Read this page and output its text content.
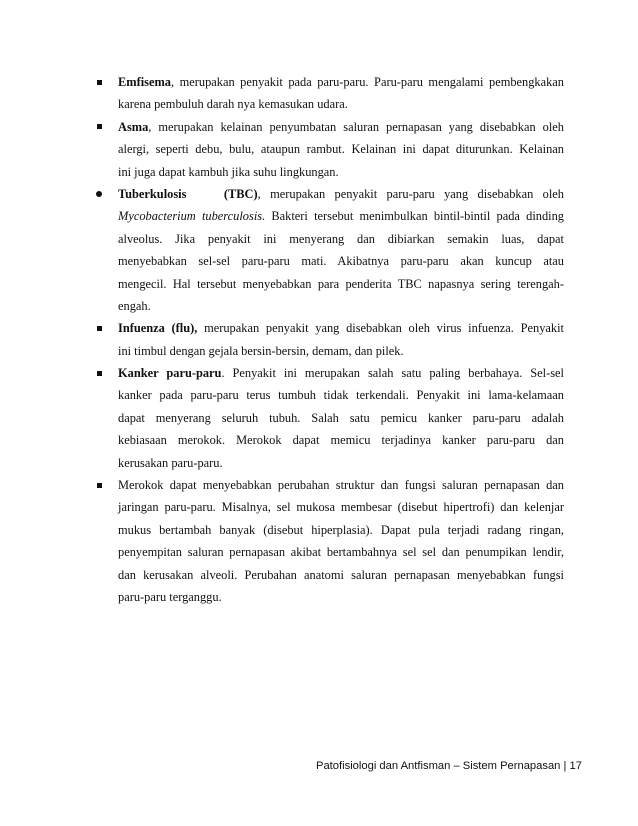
Emfisema, merupakan penyakit pada paru-paru. Paru-paru mengalami pembengkakan
karena pembuluh darah nya kemasukan udara.
Asma, merupakan kelainan penyumbatan saluran pernapasan yang disebabkan oleh
alergi, seperti debu, bulu, ataupun rambut. Kelainan ini dapat diturunkan. Kelainan
ini juga dapat kambuh jika suhu lingkungan.
Tuberkulosis	(TBC), merupakan penyakit paru-paru yang disebabkan oleh
Mycobacterium tuberculosis. Bakteri tersebut menimbulkan bintil-bintil pada dinding
alveolus. Jika penyakit ini menyerang dan dibiarkan semakin luas, dapat
menyebabkan sel-sel paru-paru mati. Akibatnya paru-paru akan kuncup atau
mengecil. Hal tersebut menyebabkan para penderita TBC napasnya sering terengah-
engah.
Infuenza (flu), merupakan penyakit yang disebabkan oleh virus infuenza. Penyakit
ini timbul dengan gejala bersin-bersin, demam, dan pilek.
Kanker paru-paru. Penyakit ini merupakan salah satu paling berbahaya. Sel-sel
kanker pada paru-paru terus tumbuh tidak terkendali. Penyakit ini lama-kelamaan
dapat menyerang seluruh tubuh. Salah satu pemicu kanker paru-paru adalah
kebiasaan merokok. Merokok dapat memicu terjadinya kanker paru-paru dan
kerusakan paru-paru.
Merokok dapat menyebabkan perubahan struktur dan fungsi saluran pernapasan dan
jaringan paru-paru. Misalnya, sel mukosa membesar (disebut hipertrofi) dan kelenjar
mukus bertambah banyak (disebut hiperplasia). Dapat pula terjadi radang ringan,
penyempitan saluran pernapasan akibat bertambahnya sel sel dan penumpikan lendir,
dan kerusakan alveoli. Perubahan anatomi saluran pernapasan menyebabkan fungsi
paru-paru terganggu.
Patofisiologi dan Antfisman – Sistem Pernapasan | 17
